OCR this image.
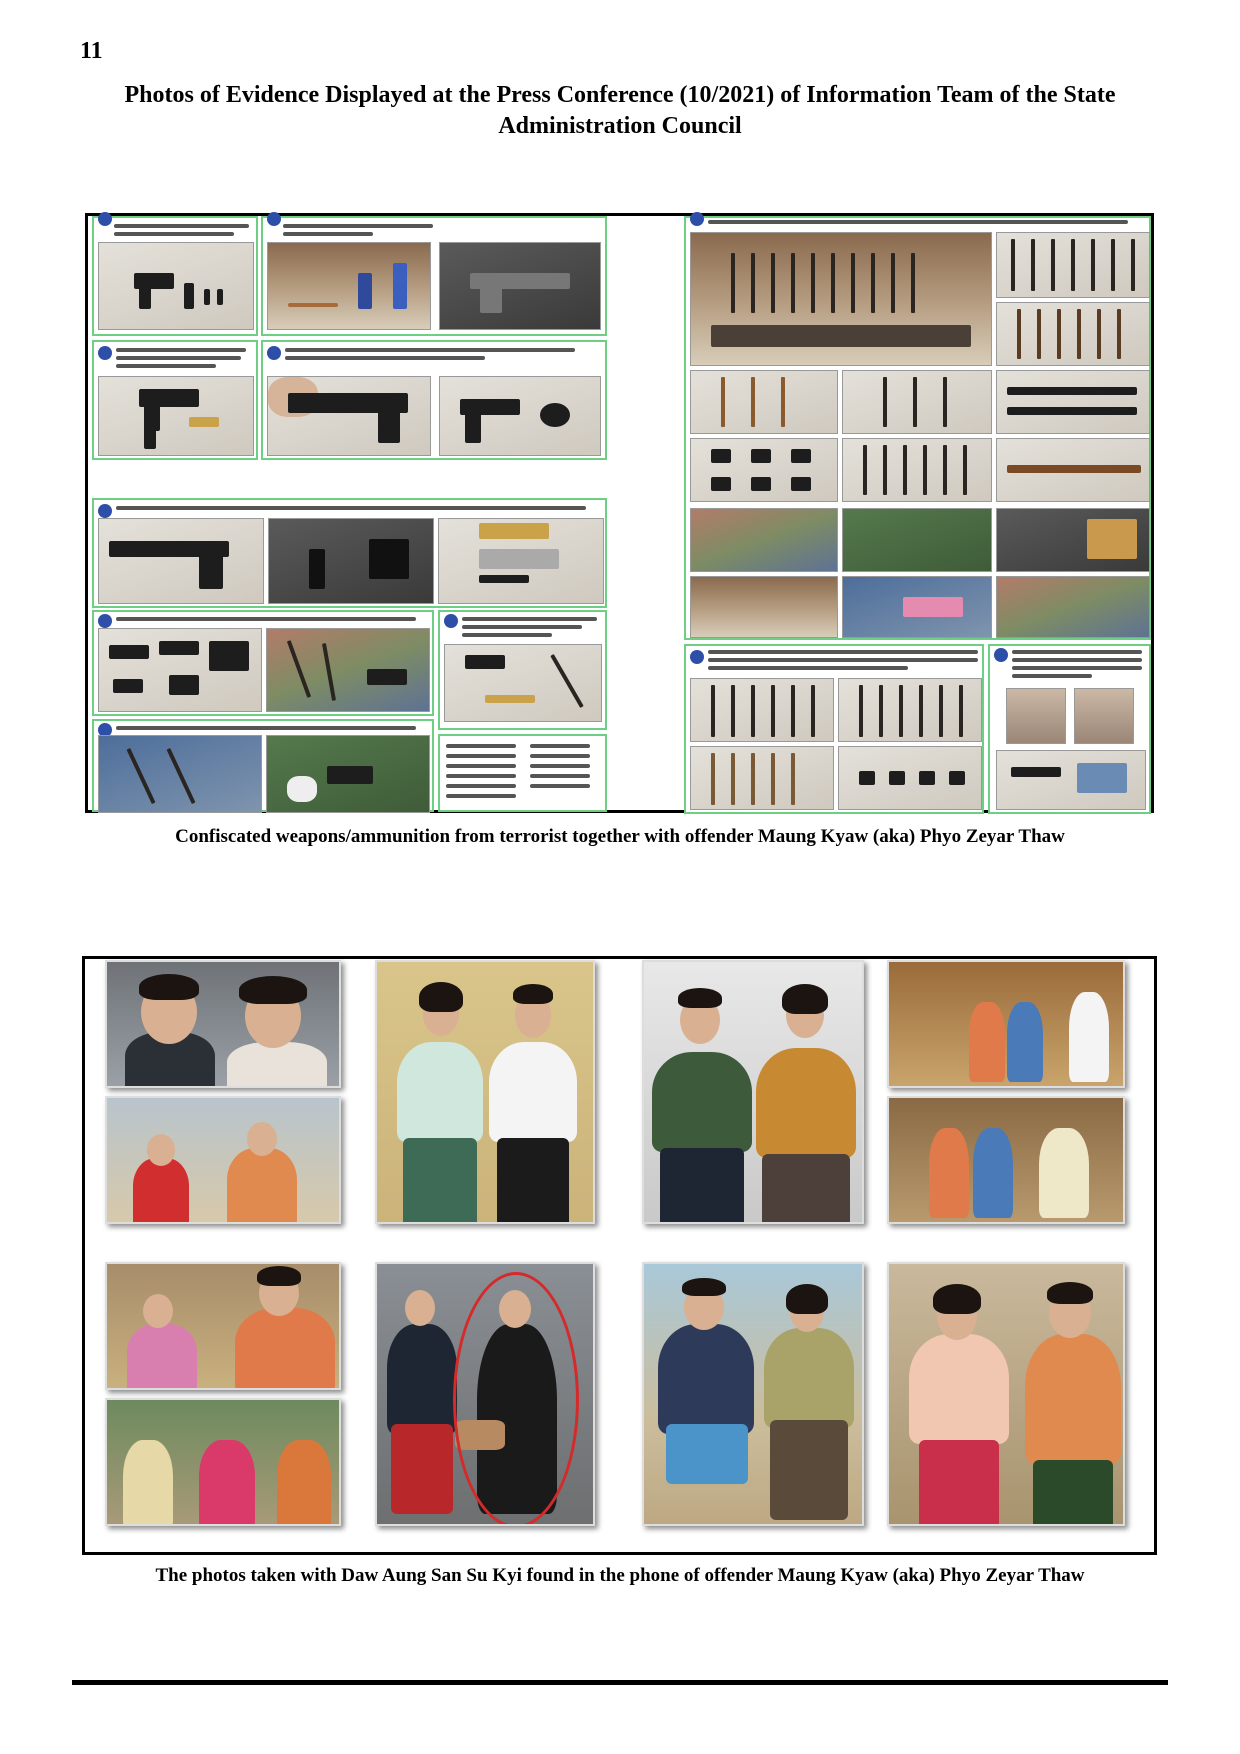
11
Photos of Evidence Displayed at the Press Conference (10/2021) of Information Team of the State Administration Council
Confiscated weapons/ammunition from terrorist together with offender Maung Kyaw (aka) Phyo Zeyar Thaw
The photos taken with Daw Aung San Su Kyi found in the phone of offender Maung Kyaw (aka) Phyo Zeyar Thaw
